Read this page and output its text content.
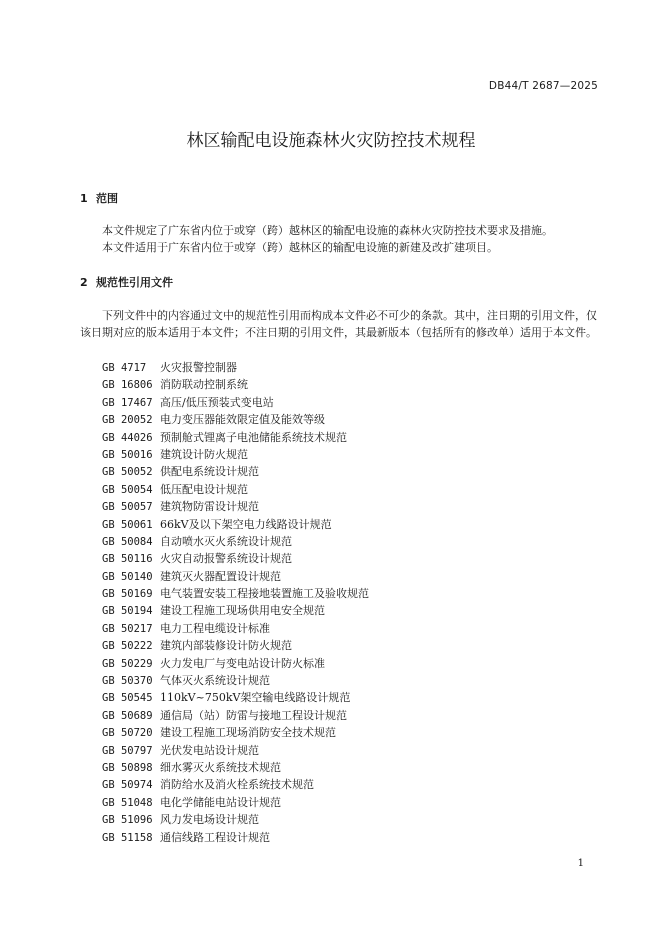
DB44/T 2687—2025
林区输配电设施森林火灾防控技术规程
1 范围

本文件规定了广东省内位于或穿（跨）越林区的输配电设施的森林火灾防控技术要求及措施。

本文件适用于广东省内位于或穿（跨）越林区的输配电设施的新建及改扩建项目。

2 规范性引用文件

下列文件中的内容通过文中的规范性引用而构成本文件必不可少的条款。其中，注日期的引用文件，仅该日期对应的版本适用于本文件；不注日期的引用文件，其最新版本（包括所有的修改单）适用于本文件。

GB 4717 火灾报警控制器
GB 16806 消防联动控制系统
GB 17467 高压/低压预装式变电站
GB 20052 电力变压器能效限定值及能效等级
GB 44026 预制舱式锂离子电池储能系统技术规范
GB 50016 建筑设计防火规范
GB 50052 供配电系统设计规范
GB 50054 低压配电设计规范
GB 50057 建筑物防雷设计规范
GB 50061 66kV及以下架空电力线路设计规范
GB 50084 自动喷水灭火系统设计规范
GB 50116 火灾自动报警系统设计规范
GB 50140 建筑灭火器配置设计规范
GB 50169 电气装置安装工程接地装置施工及验收规范
GB 50194 建设工程施工现场供用电安全规范
GB 50217 电力工程电缆设计标准
GB 50222 建筑内部装修设计防火规范
GB 50229 火力发电厂与变电站设计防火标准
GB 50370 气体灭火系统设计规范
GB 50545 110kV~750kV架空输电线路设计规范
GB 50689 通信局（站）防雷与接地工程设计规范
GB 50720 建设工程施工现场消防安全技术规范
GB 50797 光伏发电站设计规范
GB 50898 细水雾灭火系统技术规范
GB 50974 消防给水及消火栓系统技术规范
GB 51048 电化学储能电站设计规范
GB 51096 风力发电场设计规范
GB 51158 通信线路工程设计规范
1
